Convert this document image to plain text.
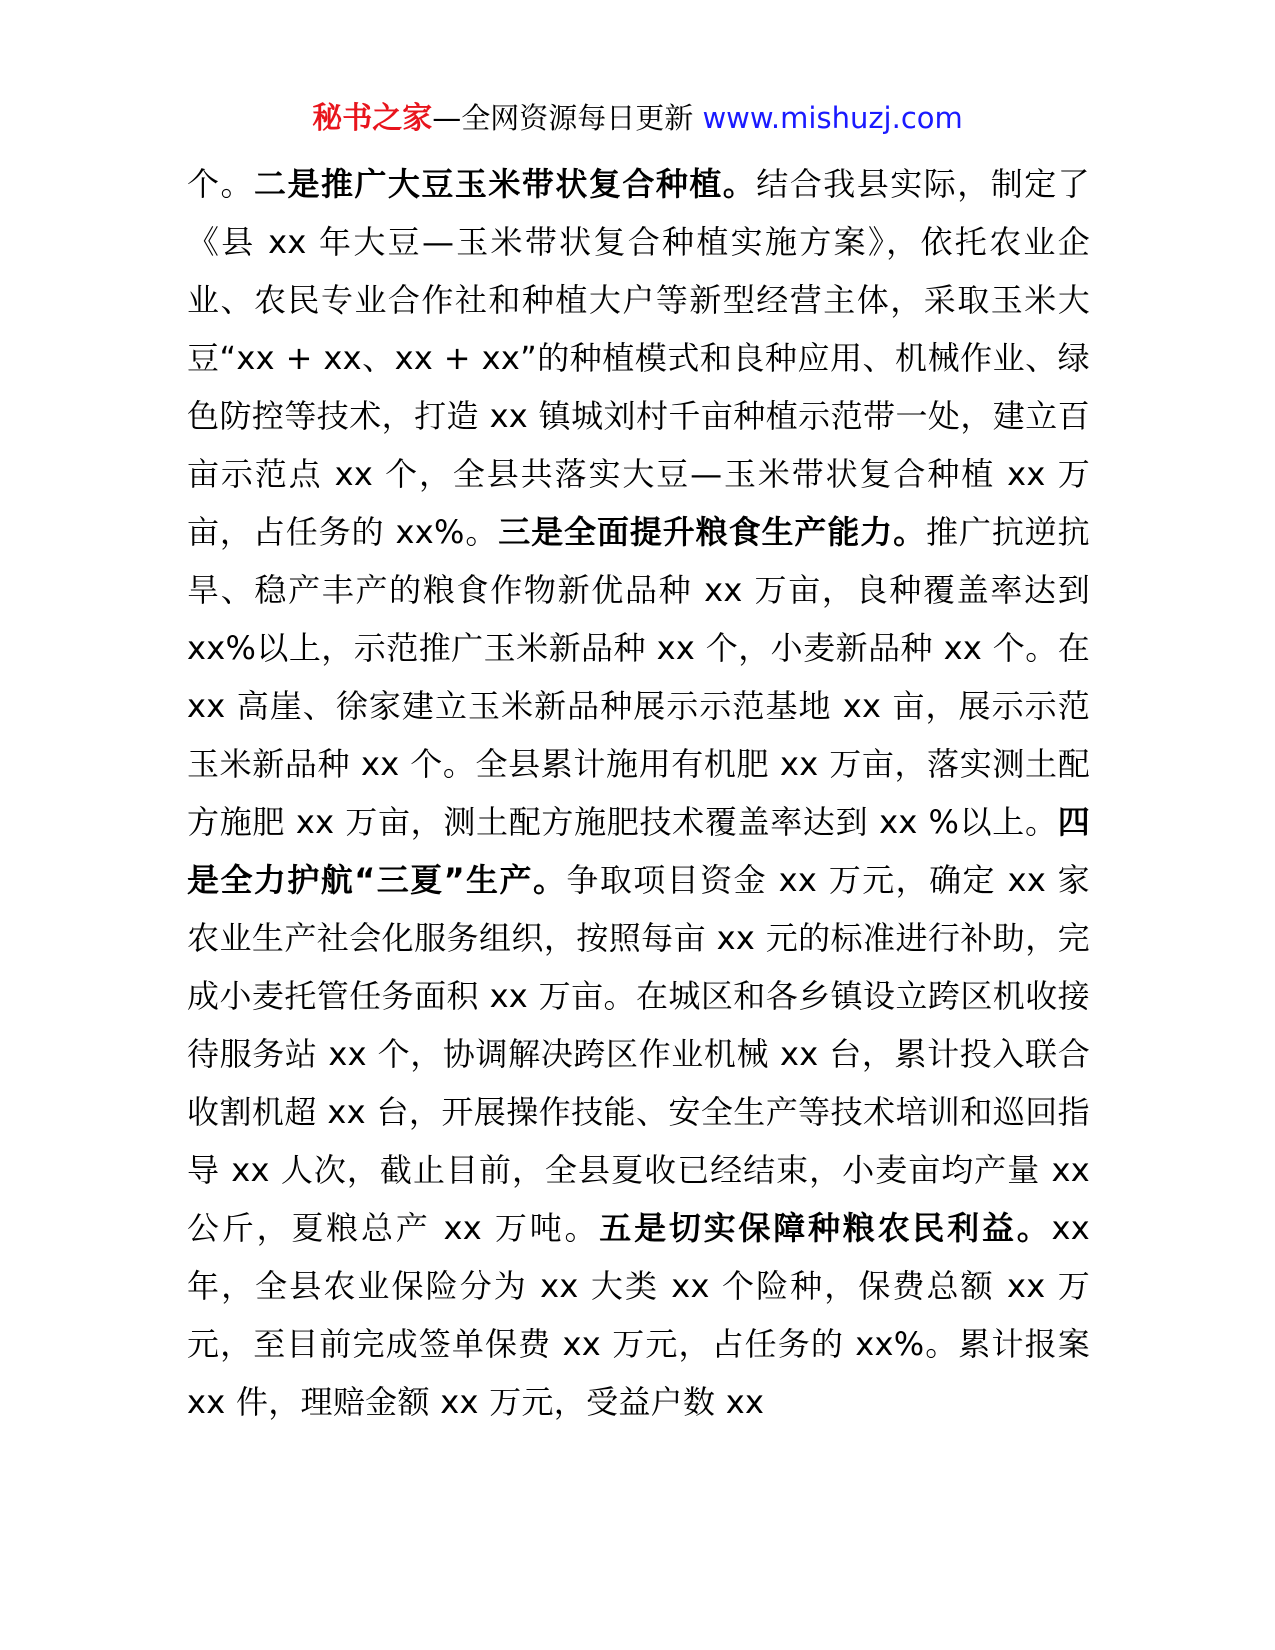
秘书之家—全网资源每日更新 www.mishuzj.com
个。二是推广大豆玉米带状复合种植。结合我县实际，制定了《县 xx 年大豆—玉米带状复合种植实施方案》，依托农业企业、农民专业合作社和种植大户等新型经营主体，采取玉米大豆“xx + xx、xx + xx”的种植模式和良种应用、机械作业、绿色防控等技术，打造 xx 镇城刘村千亩种植示范带一处，建立百亩示范点 xx 个，全县共落实大豆—玉米带状复合种植 xx 万亩，占任务的 xx%。三是全面提升粮食生产能力。推广抗逆抗旱、稳产丰产的粮食作物新优品种 xx 万亩，良种覆盖率达到 xx%以上，示范推广玉米新品种 xx 个，小麦新品种 xx 个。在 xx 高崖、徐家建立玉米新品种展示示范基地 xx 亩，展示示范玉米新品种 xx 个。全县累计施用有机肥 xx 万亩，落实测土配方施肥 xx 万亩，测土配方施肥技术覆盖率达到 xx %以上。四是全力护航“三夏”生产。争取项目资金 xx 万元，确定 xx 家农业生产社会化服务组织，按照每亩 xx 元的标准进行补助，完成小麦托管任务面积 xx 万亩。在城区和各乡镇设立跨区机收接待服务站 xx 个，协调解决跨区作业机械 xx 台，累计投入联合收割机超 xx 台，开展操作技能、安全生产等技术培训和巡回指导 xx 人次，截止目前，全县夏收已经结束，小麦亩均产量 xx 公斤，夏粮总产 xx 万吨。五是切实保障种粮农民利益。xx 年，全县农业保险分为 xx 大类 xx 个险种，保费总额 xx 万元，至目前完成签单保费 xx 万元，占任务的 xx%。累计报案 xx 件，理赔金额 xx 万元，受益户数 xx
